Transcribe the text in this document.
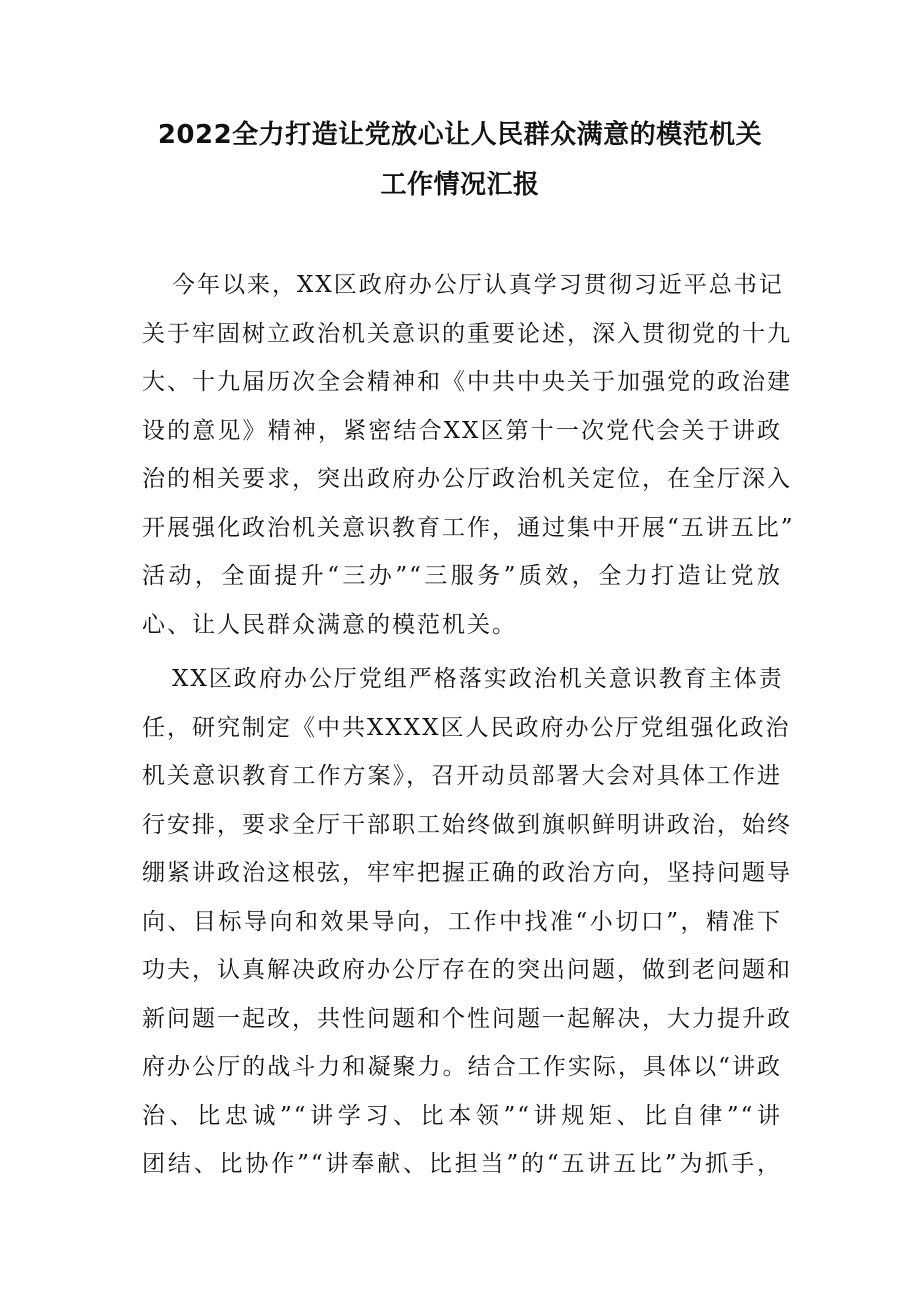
2022全力打造让党放心让人民群众满意的模范机关
工作情况汇报
今年以来，XX区政府办公厅认真学习贯彻习近平总书记
关于牢固树立政治机关意识的重要论述，深入贯彻党的十九
大、十九届历次全会精神和《中共中央关于加强党的政治建
设的意见》精神，紧密结合XX区第十一次党代会关于讲政
治的相关要求，突出政府办公厅政治机关定位，在全厅深入
开展强化政治机关意识教育工作，通过集中开展“五讲五比”
活动，全面提升“三办”“三服务”质效，全力打造让党放
心、让人民群众满意的模范机关。
XX区政府办公厅党组严格落实政治机关意识教育主体责
任，研究制定《中共XXXX区人民政府办公厅党组强化政治
机关意识教育工作方案》，召开动员部署大会对具体工作进
行安排，要求全厅干部职工始终做到旗帜鲜明讲政治，始终
绷紧讲政治这根弦，牢牢把握正确的政治方向，坚持问题导
向、目标导向和效果导向，工作中找准“小切口”，精准下
功夫，认真解决政府办公厅存在的突出问题，做到老问题和
新问题一起改，共性问题和个性问题一起解决，大力提升政
府办公厅的战斗力和凝聚力。结合工作实际，具体以“讲政
治、比忠诚”“讲学习、比本领”“讲规矩、比自律”“讲
团结、比协作”“讲奉献、比担当”的“五讲五比”为抓手，
